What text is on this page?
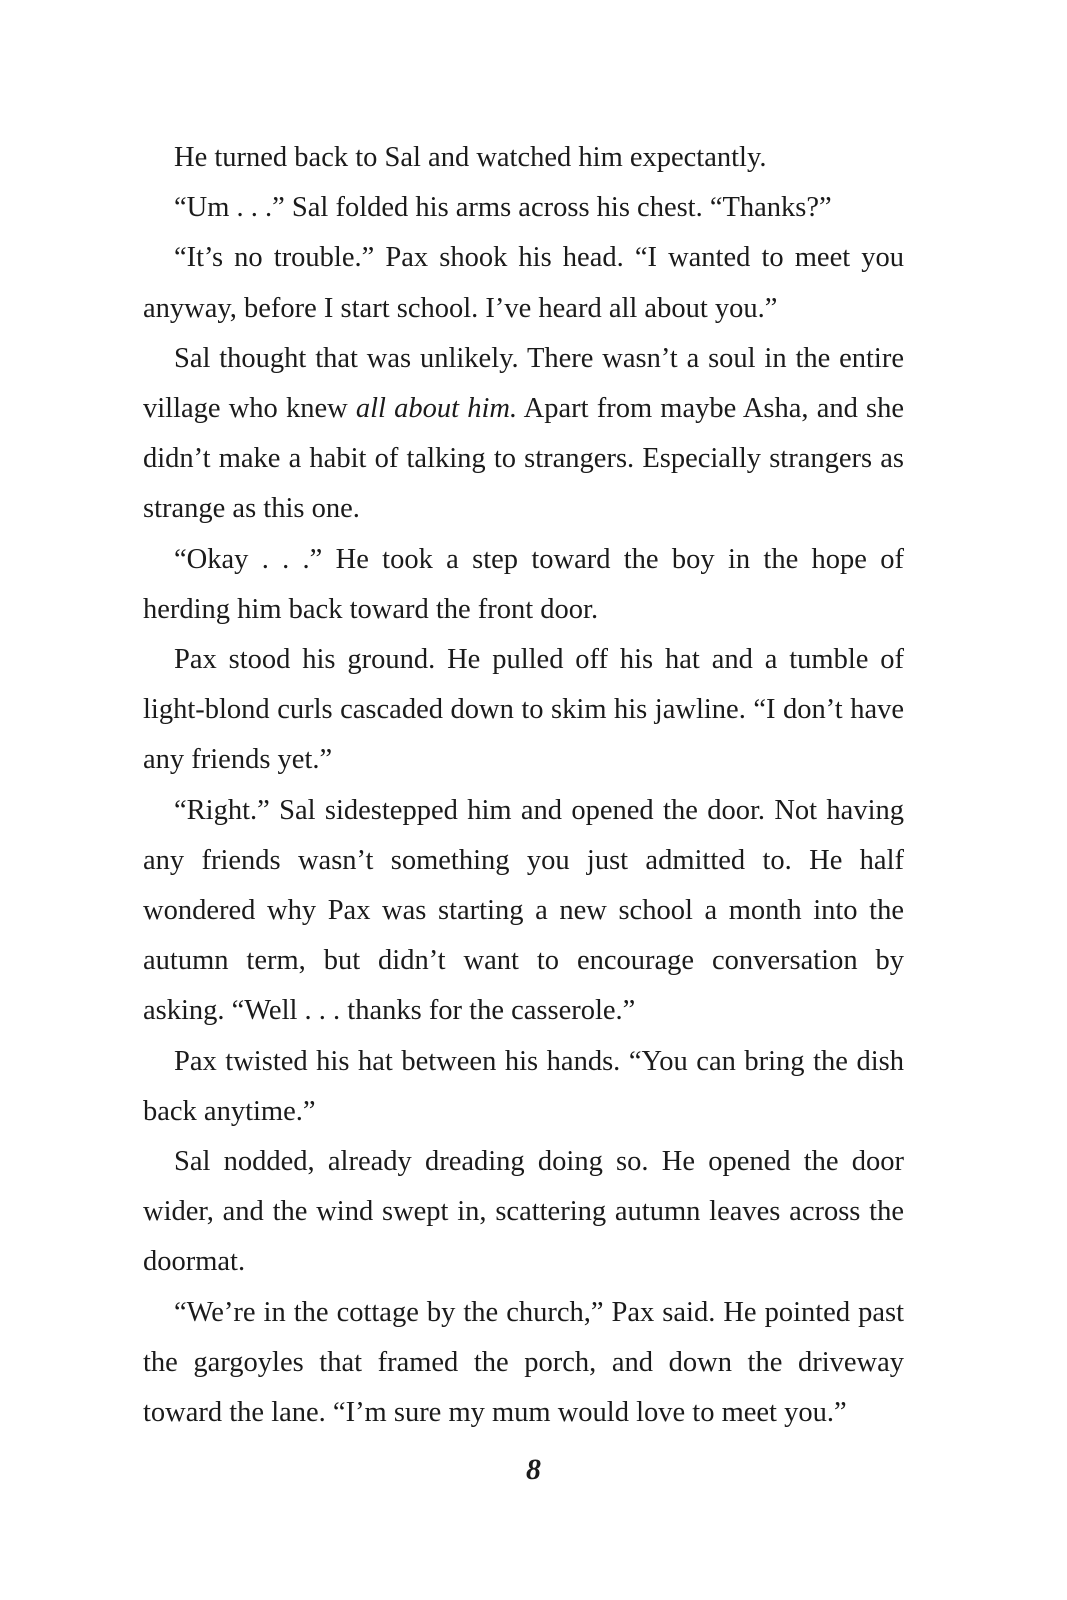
He turned back to Sal and watched him expectantly.

“Um . . .” Sal folded his arms across his chest. “Thanks?”

“It’s no trouble.” Pax shook his head. “I wanted to meet you anyway, before I start school. I’ve heard all about you.”

Sal thought that was unlikely. There wasn’t a soul in the entire village who knew all about him. Apart from maybe Asha, and she didn’t make a habit of talking to strangers. Especially strangers as strange as this one.

“Okay . . .” He took a step toward the boy in the hope of herding him back toward the front door.

Pax stood his ground. He pulled off his hat and a tumble of light-blond curls cascaded down to skim his jawline. “I don’t have any friends yet.”

“Right.” Sal sidestepped him and opened the door. Not having any friends wasn’t something you just admitted to. He half wondered why Pax was starting a new school a month into the autumn term, but didn’t want to encourage conversation by asking. “Well . . . thanks for the casserole.”

Pax twisted his hat between his hands. “You can bring the dish back anytime.”

Sal nodded, already dreading doing so. He opened the door wider, and the wind swept in, scattering autumn leaves across the doormat.

“We’re in the cottage by the church,” Pax said. He pointed past the gargoyles that framed the porch, and down the driveway toward the lane. “I’m sure my mum would love to meet you.”

8
